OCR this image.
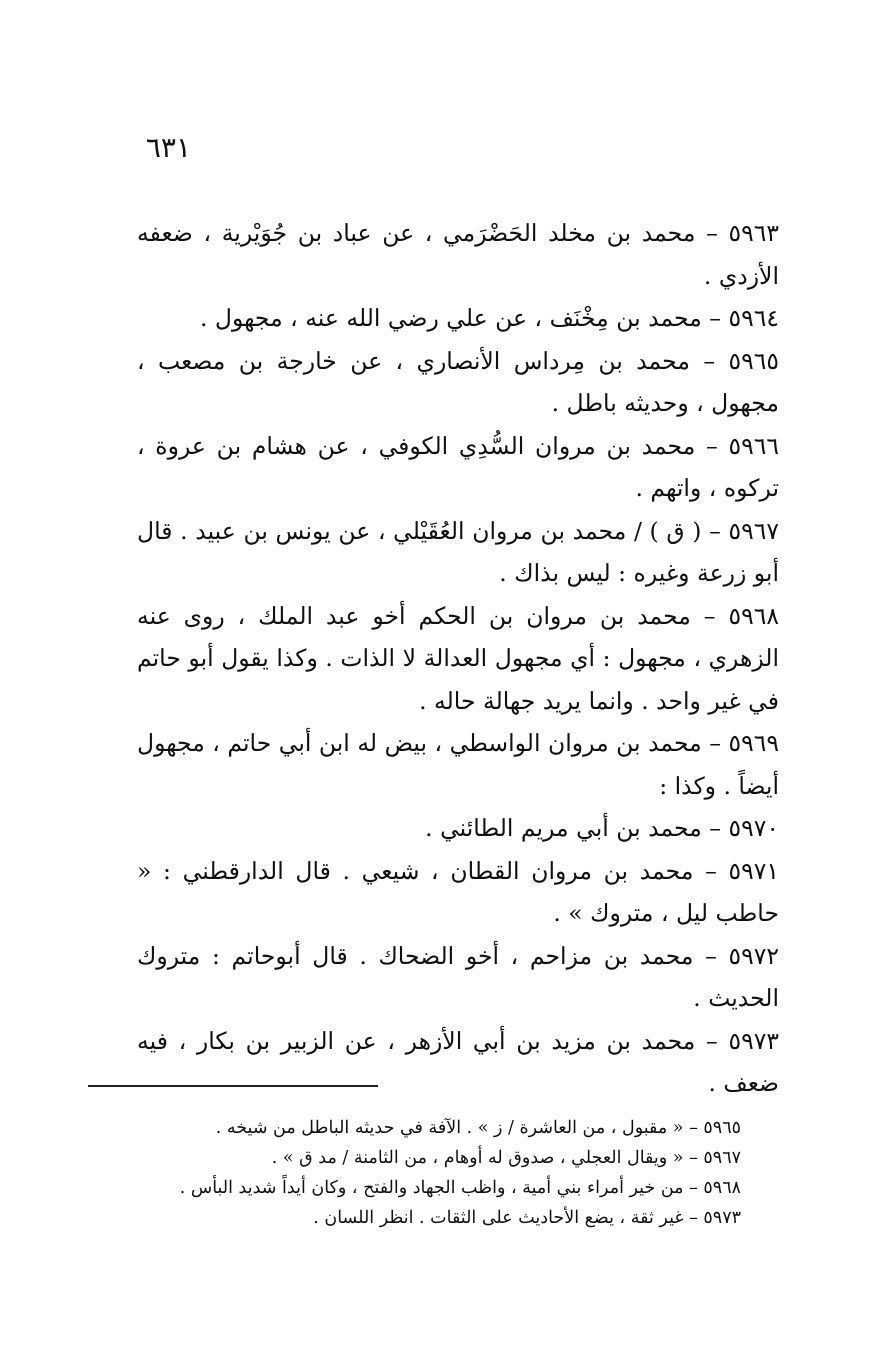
٦٣١

٥٩٦٣ – محمد بن مخلد الحَضْرَمي ، عن عباد بن جُوَيْرية ، ضعفه الأزدي .

٥٩٦٤ – محمد بن مِخْنَف ، عن علي رضي الله عنه ، مجهول .

٥٩٦٥ – محمد بن مِرداس الأنصاري ، عن خارجة بن مصعب ، مجهول ، وحديثه باطل .

٥٩٦٦ – محمد بن مروان السُّدِي الكوفي ، عن هشام بن عروة ، تركوه ، واتهم .

٥٩٦٧ – ( ق ) / محمد بن مروان العُقَيْلي ، عن يونس بن عبيد . قال أبو زرعة وغيره : ليس بذاك .

٥٩٦٨ – محمد بن مروان بن الحكم أخو عبد الملك ، روى عنه الزهري ، مجهول : أي مجهول العدالة لا الذات . وكذا يقول أبو حاتم في غير واحد . وانما يريد جهالة حاله .

٥٩٦٩ – محمد بن مروان الواسطي ، بيض له ابن أبي حاتم ، مجهول أيضاً . وكذا :

٥٩٧٠ – محمد بن أبي مريم الطائني .

٥٩٧١ – محمد بن مروان القطان ، شيعي . قال الدارقطني : « حاطب ليل ، متروك » .

٥٩٧٢ – محمد بن مزاحم ، أخو الضحاك . قال أبوحاتم : متروك الحديث .

٥٩٧٣ – محمد بن مزيد بن أبي الأزهر ، عن الزبير بن بكار ، فيه ضعف .

٥٩٦٥ – « مقبول ، من العاشرة / ز » . الآفة في حديثه الباطل من شيخه .

٥٩٦٧ – « ويقال العجلي ، صدوق له أوهام ، من الثامنة / مد ق » .

٥٩٦٨ – من خير أمراء بني أمية ، واظب الجهاد والفتح ، وكان أيداً شديد البأس .

٥٩٧٣ – غير ثقة ، يضع الأحاديث على الثقات . انظر اللسان .
